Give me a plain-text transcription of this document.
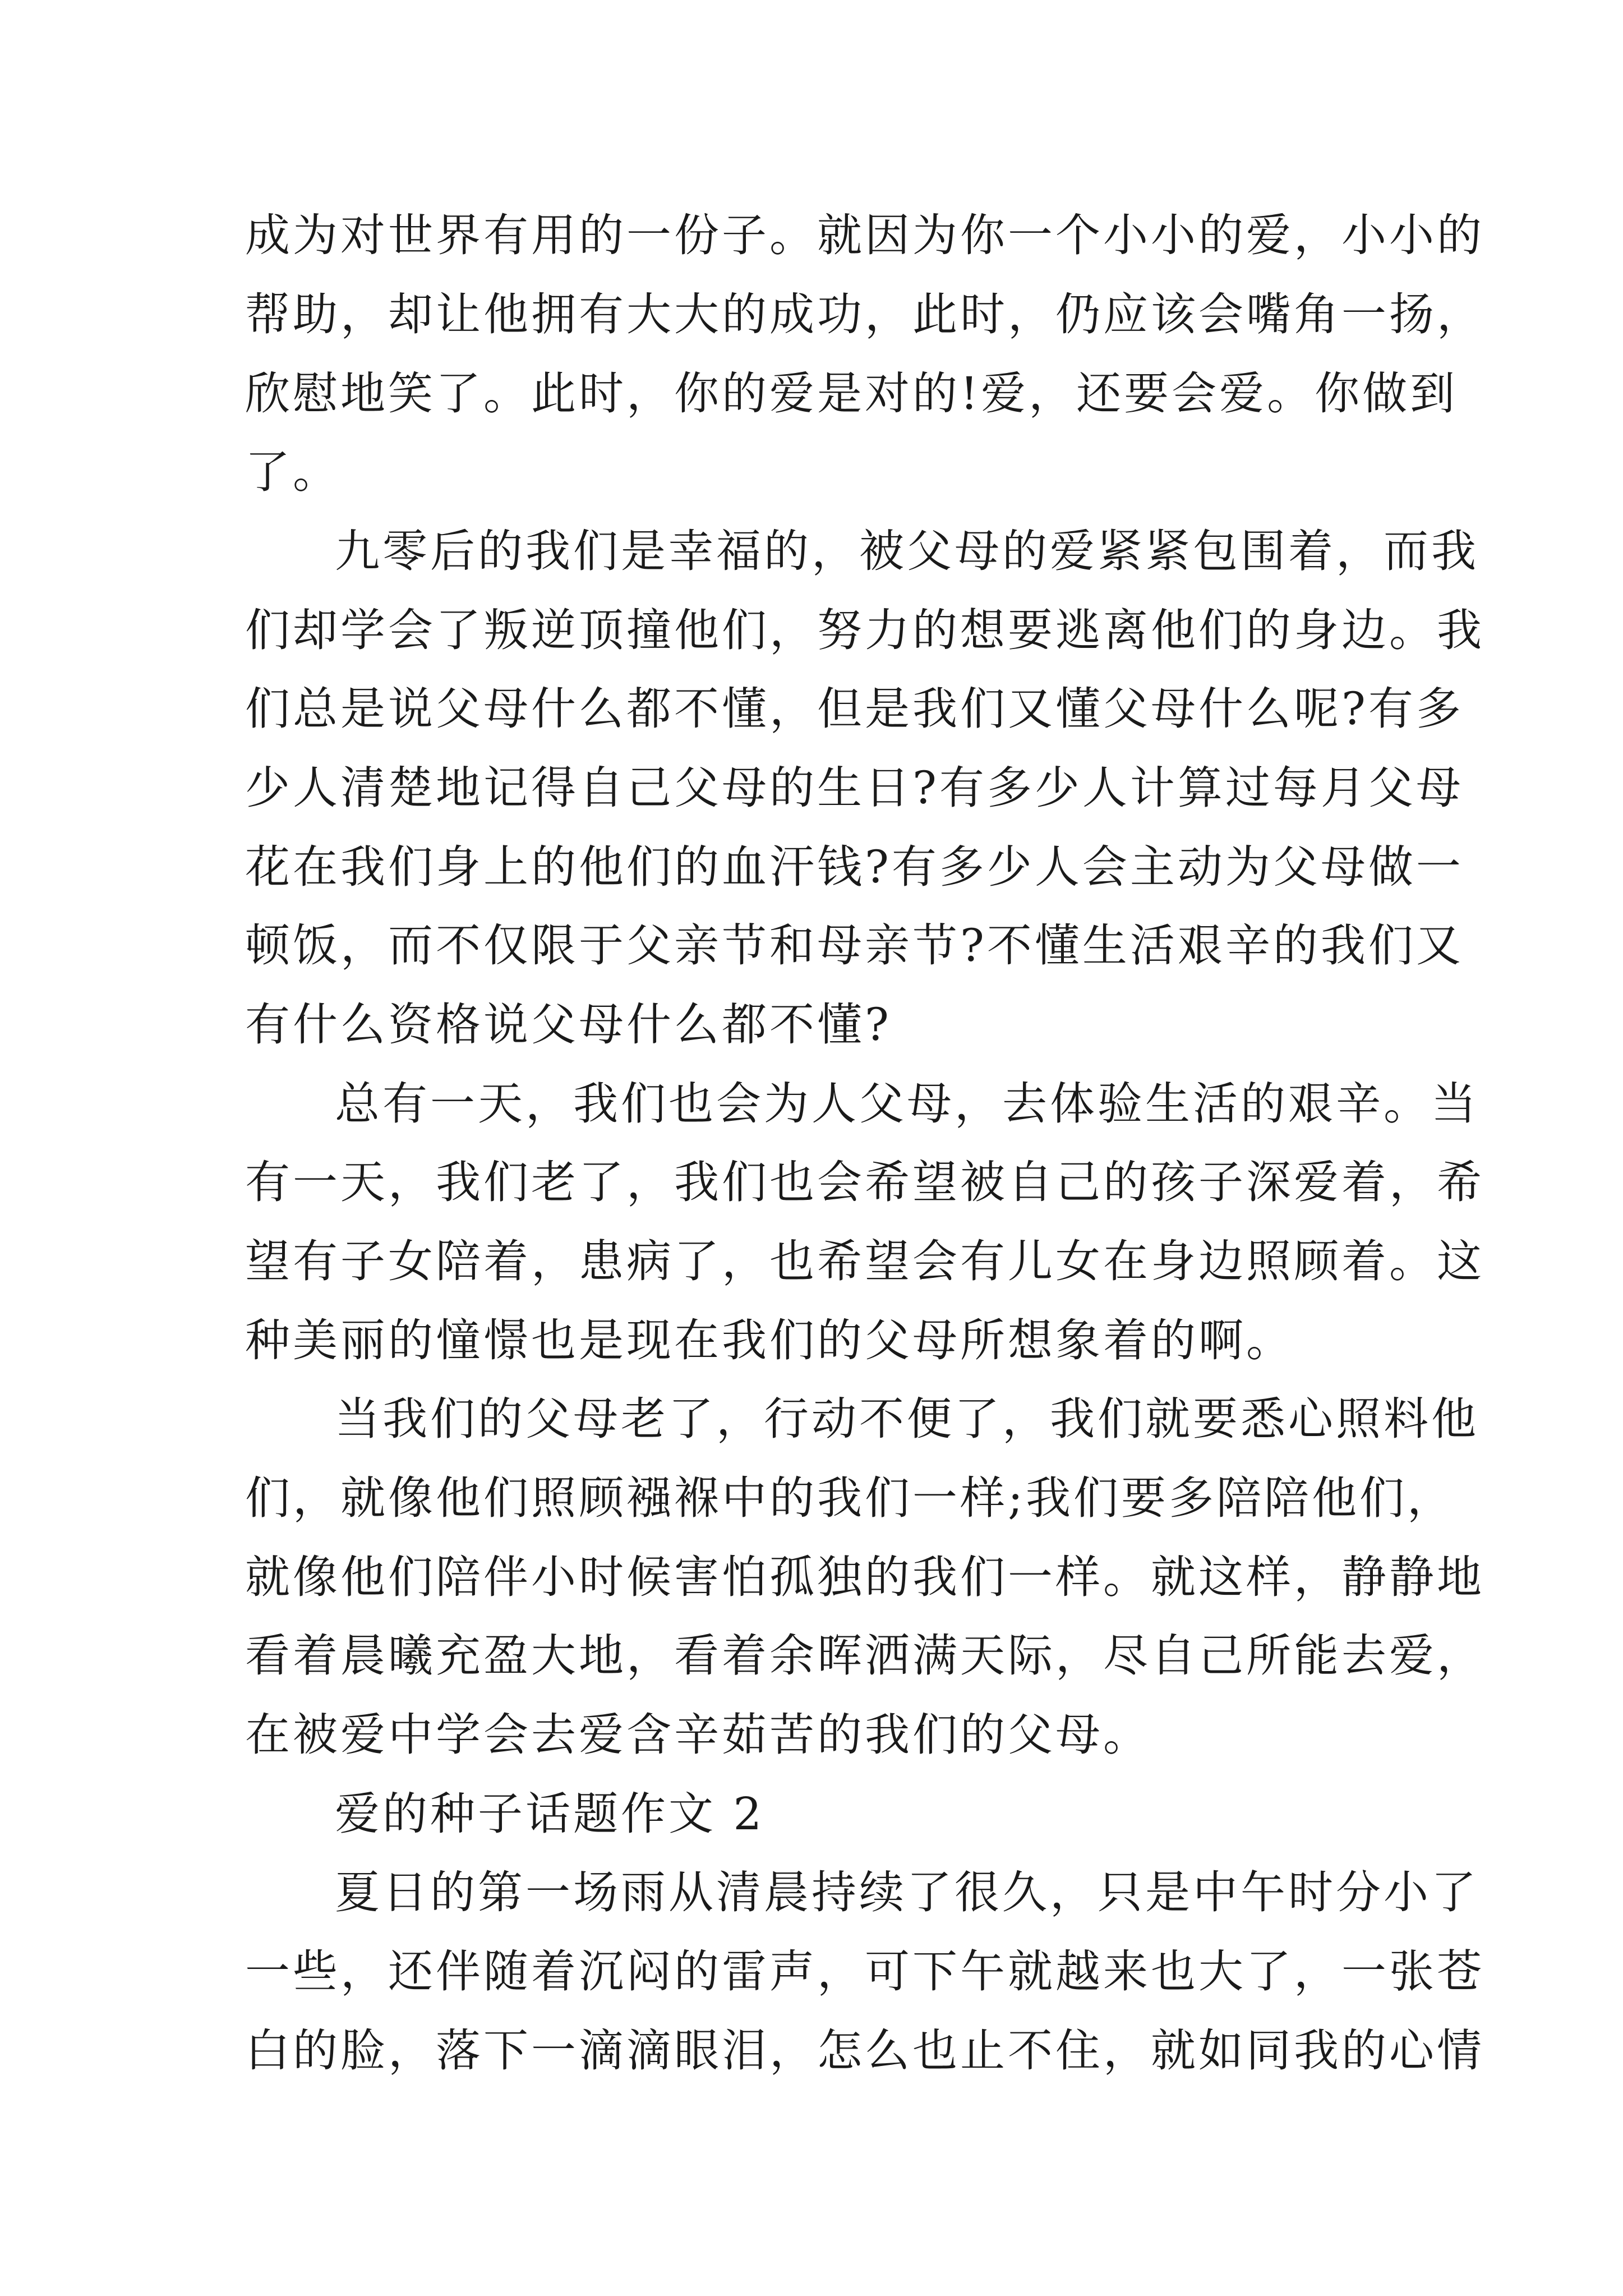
成为对世界有用的一份子。就因为你一个小小的爱，小小的
帮助，却让他拥有大大的成功，此时，仍应该会嘴角一扬，
欣慰地笑了。此时，你的爱是对的!爱，还要会爱。你做到
了。
九零后的我们是幸福的，被父母的爱紧紧包围着，而我
们却学会了叛逆顶撞他们，努力的想要逃离他们的身边。我
们总是说父母什么都不懂，但是我们又懂父母什么呢?有多
少人清楚地记得自己父母的生日?有多少人计算过每月父母
花在我们身上的他们的血汗钱?有多少人会主动为父母做一
顿饭，而不仅限于父亲节和母亲节?不懂生活艰辛的我们又
有什么资格说父母什么都不懂?
总有一天，我们也会为人父母，去体验生活的艰辛。当
有一天，我们老了，我们也会希望被自己的孩子深爱着，希
望有子女陪着，患病了，也希望会有儿女在身边照顾着。这
种美丽的憧憬也是现在我们的父母所想象着的啊。
当我们的父母老了，行动不便了，我们就要悉心照料他
们，就像他们照顾襁褓中的我们一样;我们要多陪陪他们，
就像他们陪伴小时候害怕孤独的我们一样。就这样，静静地
看着晨曦充盈大地，看着余晖洒满天际，尽自己所能去爱，
在被爱中学会去爱含辛茹苦的我们的父母。
爱的种子话题作文 2
夏日的第一场雨从清晨持续了很久，只是中午时分小了
一些，还伴随着沉闷的雷声，可下午就越来也大了，一张苍
白的脸，落下一滴滴眼泪，怎么也止不住，就如同我的心情
